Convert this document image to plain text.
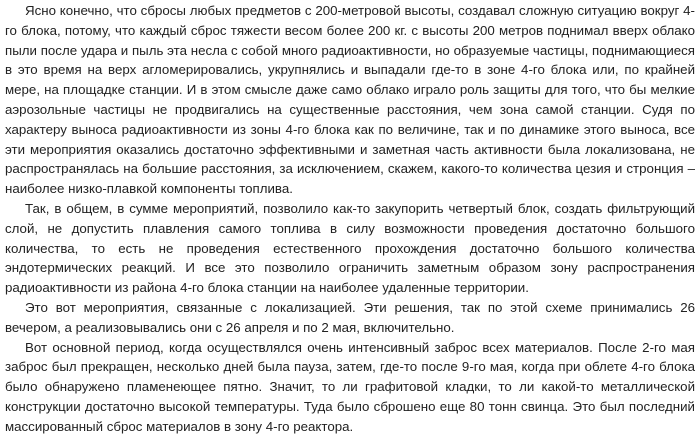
Ясно конечно, что сбросы любых предметов с 200-метровой высоты, создавал сложную ситуацию вокруг 4-го блока, потому, что каждый сброс тяжести весом более 200 кг. с высоты 200 метров поднимал вверх облако пыли после удара и пыль эта несла с собой много радиоактивности, но образуемые частицы, поднимающиеся в это время на верх агломерировались, укрупнялись и выпадали где-то в зоне 4-го блока или, по крайней мере, на площадке станции. И в этом смысле даже само облако играло роль защиты для того, что бы мелкие аэрозольные частицы не продвигались на существенные расстояния, чем зона самой станции. Судя по характеру выноса радиоактивности из зоны 4-го блока как по величине, так и по динамике этого выноса, все эти мероприятия оказались достаточно эффективными и заметная часть активности была локализована, не распространялась на большие расстояния, за исключением, скажем, какого-то количества цезия и стронция – наиболее низко-плавкой компоненты топлива.

Так, в общем, в сумме мероприятий, позволило как-то закупорить четвертый блок, создать фильтрующий слой, не допустить плавления самого топлива в силу возможности проведения достаточно большого количества, то есть не проведения естественного прохождения достаточно большого количества эндотермических реакций. И все это позволило ограничить заметным образом зону распространения радиоактивности из района 4-го блока станции на наиболее удаленные территории.

Это вот мероприятия, связанные с локализацией. Эти решения, так по этой схеме принимались 26 вечером, а реализовывались они с 26 апреля и по 2 мая, включительно.

Вот основной период, когда осуществлялся очень интенсивный заброс всех материалов. После 2-го мая заброс был прекращен, несколько дней была пауза, затем, где-то после 9-го мая, когда при облете 4-го блока было обнаружено пламенеющее пятно. Значит, то ли графитовой кладки, то ли какой-то металлической конструкции достаточно высокой температуры. Туда было сброшено еще 80 тонн свинца. Это был последний массированный сброс материалов в зону 4-го реактора.
